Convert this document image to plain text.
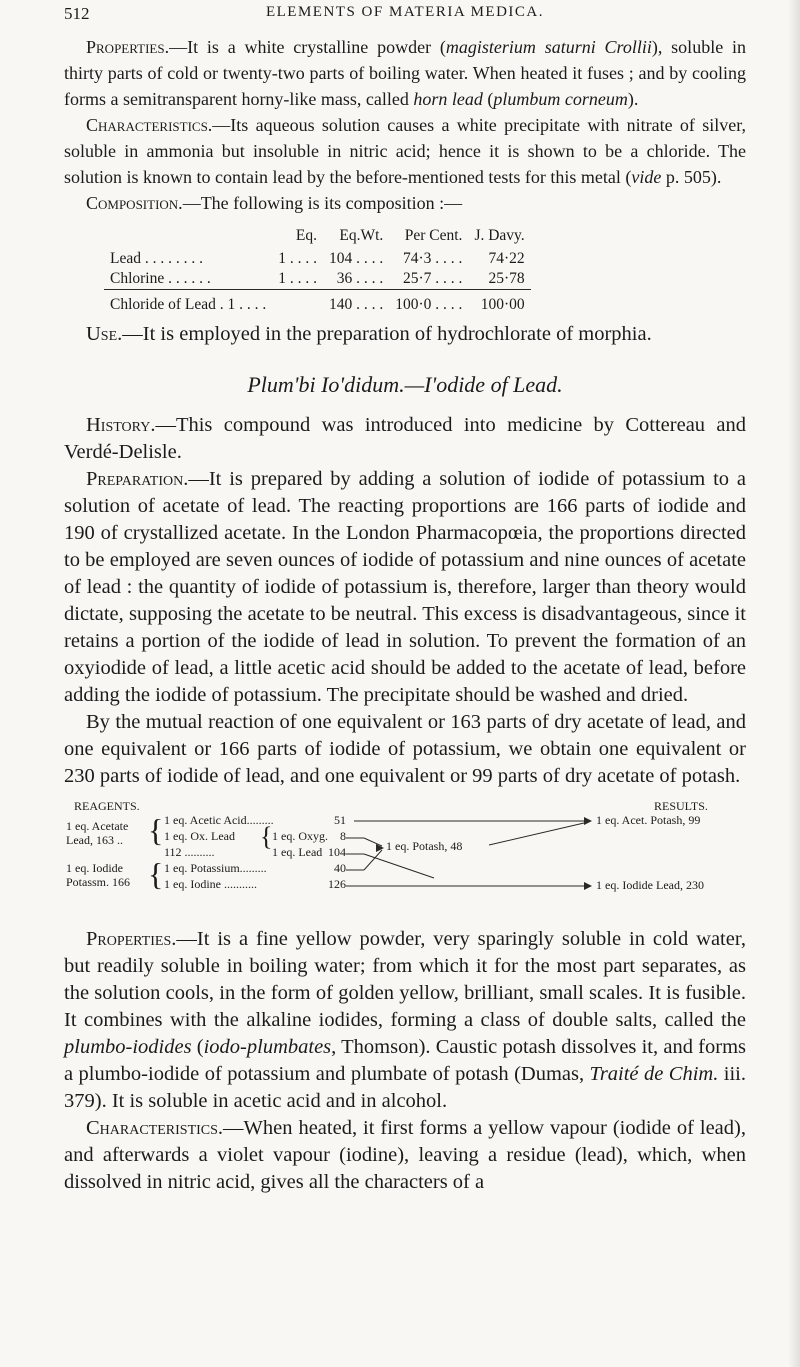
512	ELEMENTS OF MATERIA MEDICA.

Properties.—It is a white crystalline powder (magisterium saturni Crollii), soluble in thirty parts of cold or twenty-two parts of boiling water. When heated it fuses ; and by cooling forms a semitransparent horny-like mass, called horn lead (plumbum corneum).

Characteristics.—Its aqueous solution causes a white precipitate with nitrate of silver, soluble in ammonia but insoluble in nitric acid; hence it is shown to be a chloride. The solution is known to contain lead by the before-mentioned tests for this metal (vide p. 505).

Composition.—The following is its composition :—

	Eq.	Eq.Wt.	Per Cent.	J. Davy.
Lead . . . . . . . .	1 . . . .	104 . . . .	74·3 . . . .	74·22
Chlorine . . . . . .	1 . . . .	36 . . . .	25·7 . . . .	25·78
Chloride of Lead . 1 . . . .		140 . . . .	100·0 . . . .	100·00

Use.—It is employed in the preparation of hydrochlorate of morphia.

Plum'bi Io'didum.—I'odide of Lead.

History.—This compound was introduced into medicine by Cottereau and Verdé-Delisle.

Preparation.—It is prepared by adding a solution of iodide of potassium to a solution of acetate of lead. The reacting proportions are 166 parts of iodide and 190 of crystallized acetate. In the London Pharmacopœia, the proportions directed to be employed are seven ounces of iodide of potassium and nine ounces of acetate of lead : the quantity of iodide of potassium is, therefore, larger than theory would dictate, supposing the acetate to be neutral. This excess is disadvantageous, since it retains a portion of the iodide of lead in solution. To prevent the formation of an oxyiodide of lead, a little acetic acid should be added to the acetate of lead, before adding the iodide of potassium. The precipitate should be washed and dried.

By the mutual reaction of one equivalent or 163 parts of dry acetate of lead, and one equivalent or 166 parts of iodide of potassium, we obtain one equivalent or 230 parts of iodide of lead, and one equivalent or 99 parts of dry acetate of potash.

REAGENTS.	RESULTS.
1 eq. Acetate
Lead, 163 .. {
1 eq. Iodide
Potassm. 166 {
1 eq. Acetic Acid.........
1 eq. Ox. Lead
112 ..........
{ 1 eq. Oxyg.
1 eq. Lead
1 eq. Potassium.........
1 eq. Iodine ...........
51
8
104
40
126
1 eq. Potash, 48
1 eq. Acet. Potash, 99
1 eq. Iodide Lead, 230

Properties.—It is a fine yellow powder, very sparingly soluble in cold water, but readily soluble in boiling water; from which it for the most part separates, as the solution cools, in the form of golden yellow, brilliant, small scales. It is fusible. It combines with the alkaline iodides, forming a class of double salts, called the plumbo-iodides (iodo-plumbates, Thomson). Caustic potash dissolves it, and forms a plumbo-iodide of potassium and plumbate of potash (Dumas, Traité de Chim. iii. 379). It is soluble in acetic acid and in alcohol.

Characteristics.—When heated, it first forms a yellow vapour (iodide of lead), and afterwards a violet vapour (iodine), leaving a residue (lead), which, when dissolved in nitric acid, gives all the characters of a
